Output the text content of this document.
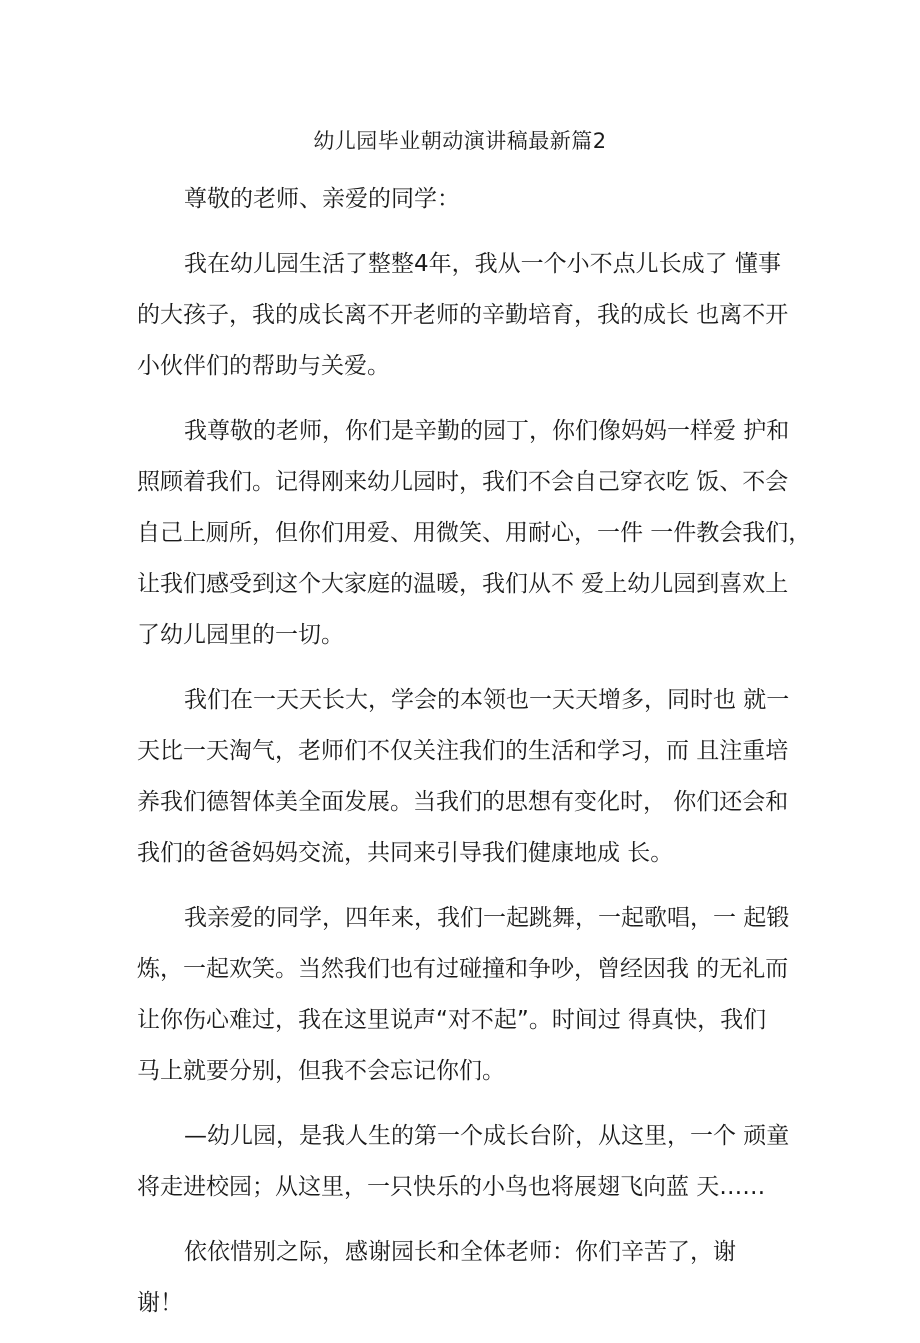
幼儿园毕业朝动演讲稿最新篇2
尊敬的老师、亲爱的同学：
我在幼儿园生活了整整4年，我从一个小不点儿长成了 懂事
的大孩子，我的成长离不开老师的辛勤培育，我的成长 也离不开
小伙伴们的帮助与关爱。
我尊敬的老师，你们是辛勤的园丁，你们像妈妈一样爱 护和
照顾着我们。记得刚来幼儿园时，我们不会自己穿衣吃 饭、不会
自己上厕所，但你们用爱、用微笑、用耐心，一件 一件教会我们，
让我们感受到这个大家庭的温暖，我们从不 爱上幼儿园到喜欢上
了幼儿园里的一切。
我们在一天天长大，学会的本领也一天天增多，同时也 就一
天比一天淘气，老师们不仅关注我们的生活和学习，而 且注重培
养我们德智体美全面发展。当我们的思想有变化时， 你们还会和
我们的爸爸妈妈交流，共同来引导我们健康地成 长。
我亲爱的同学，四年来，我们一起跳舞，一起歌唱，一 起锻
炼，一起欢笑。当然我们也有过碰撞和争吵，曾经因我 的无礼而
让你伤心难过，我在这里说声“对不起”。时间过 得真快，我们
马上就要分别，但我不会忘记你们。
—幼儿园，是我人生的第一个成长台阶，从这里，一个 顽童
将走进校园；从这里，一只快乐的小鸟也将展翅飞向蓝 天……
依依惜别之际，感谢园长和全体老师：你们辛苦了，谢
谢！
